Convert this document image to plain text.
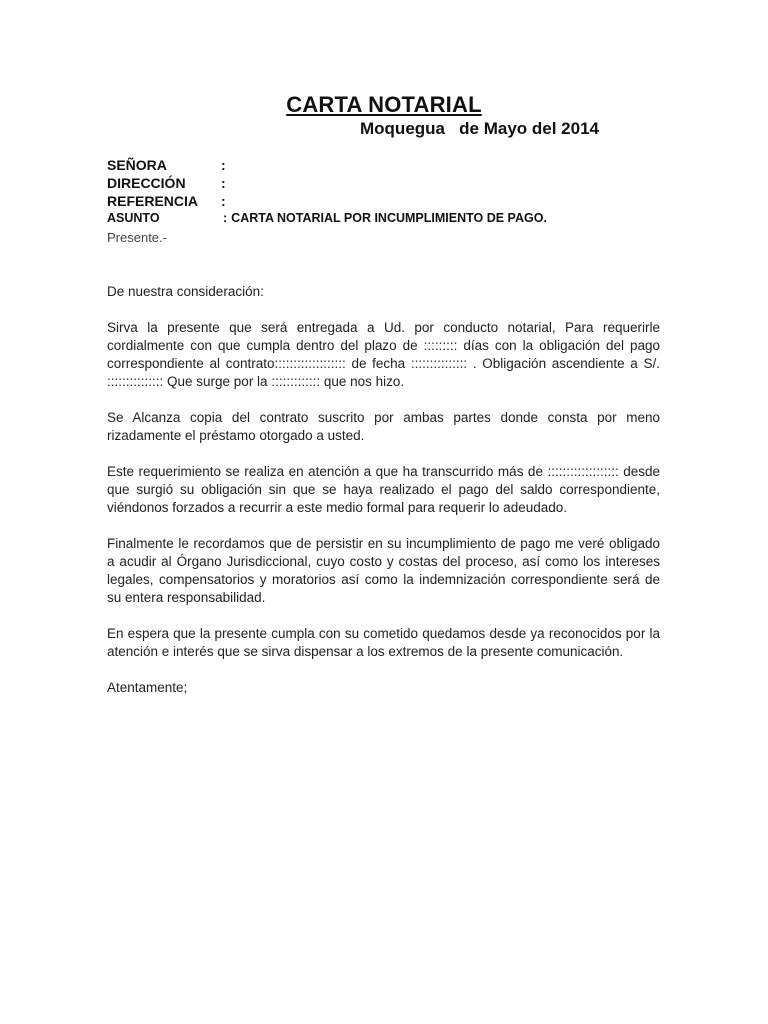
CARTA NOTARIAL
Moquegua   de Mayo del 2014
SEÑORA	:
DIRECCIÓN	:
REFERENCIA	:
ASUNTO	: CARTA NOTARIAL POR INCUMPLIMIENTO DE PAGO.
Presente.-

De nuestra consideración:

Sirva la presente que será entregada a Ud. por conducto notarial, Para requerirle cordialmente con que cumpla dentro del plazo de ::::::::: días con la obligación del pago correspondiente al contrato::::::::::::::::::: de fecha ::::::::::::::: . Obligación ascendiente a S/. ::::::::::::::: Que surge por la ::::::::::::: que nos hizo.

Se Alcanza copia del contrato suscrito por ambas partes donde consta por meno rizadamente el préstamo otorgado a usted.

Este requerimiento se realiza en atención a que ha transcurrido más de ::::::::::::::::::: desde que surgió su obligación sin que se haya realizado el pago del saldo correspondiente, viéndonos forzados a recurrir a este medio formal para requerir lo adeudado.

Finalmente le recordamos que de persistir en su incumplimiento de pago me veré obligado a acudir al Órgano Jurisdiccional, cuyo costo y costas del proceso, así como los intereses legales, compensatorios y moratorios así como la indemnización correspondiente será de su entera responsabilidad.

En espera que la presente cumpla con su cometido quedamos desde ya reconocidos por la atención e interés que se sirva dispensar a los extremos de la presente comunicación.

Atentamente;
